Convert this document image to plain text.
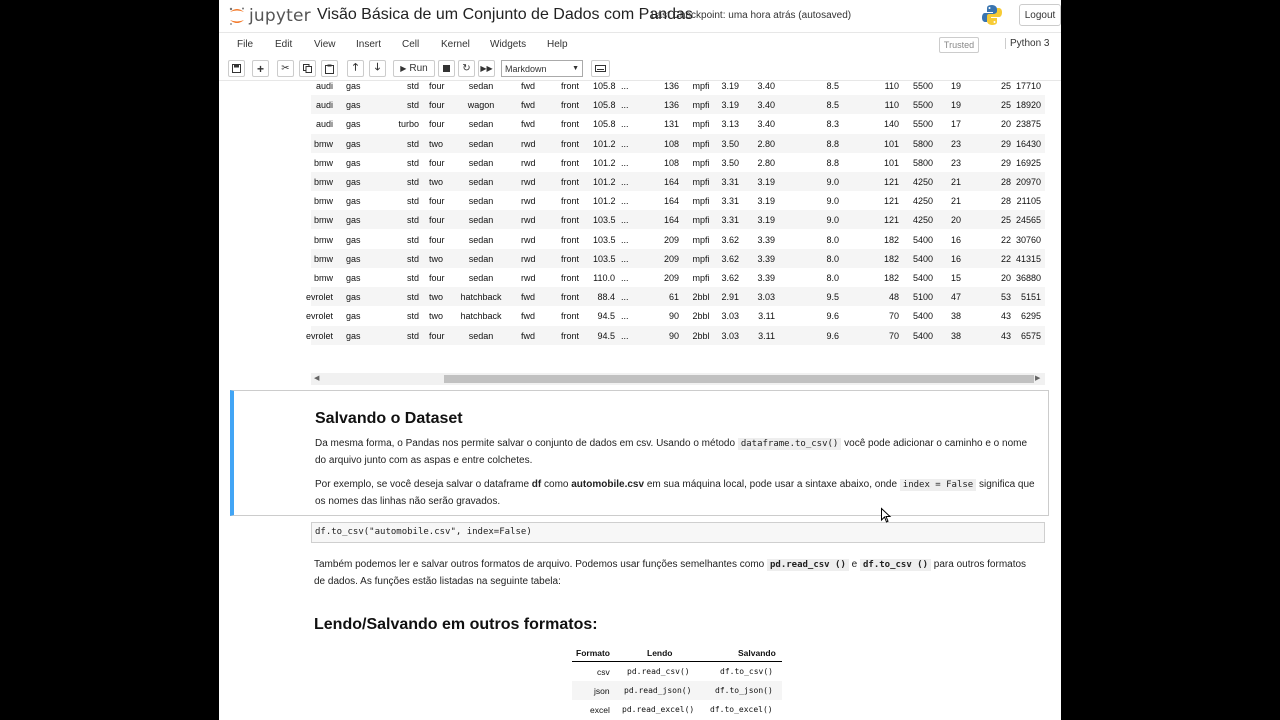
jupyter Visão Básica de um Conjunto de Dados com Pandas
Last Checkpoint: uma hora atrás (autosaved)	Logout
File Edit View Insert Cell Kernel Widgets Help	Trusted	Python 3
+ ✂	🡑 🡓	▶ Run	↻ ▶▶ Markdown	▼
audi gas	std four	sedan	fwd	front	105.8 ...	136 mpfi 3.19 3.40	8.5	110	5500	19	25 17710
audi gas	std four	wagon	fwd	front	105.8 ...	136 mpfi 3.19 3.40	8.5	110	5500	19	25 18920
audi gas	turbo four	sedan	fwd	front	105.8 ...	131 mpfi 3.13 3.40	8.3	140	5500	17	20 23875
bmw gas	std two	sedan	rwd	front	101.2 ...	108 mpfi 3.50 2.80	8.8	101	5800	23	29 16430
bmw gas	std four	sedan	rwd	front	101.2 ...	108 mpfi 3.50 2.80	8.8	101	5800	23	29 16925
bmw gas	std two	sedan	rwd	front	101.2 ...	164 mpfi 3.31 3.19	9.0	121	4250	21	28 20970
bmw gas	std four	sedan	rwd	front	101.2 ...	164 mpfi 3.31 3.19	9.0	121	4250	21	28 21105
bmw gas	std four	sedan	rwd	front	103.5 ...	164 mpfi 3.31 3.19	9.0	121	4250	20	25 24565
bmw gas	std four	sedan	rwd	front	103.5 ...	209 mpfi 3.62 3.39	8.0	182	5400	16	22 30760
bmw gas	std two	sedan	rwd	front	103.5 ...	209 mpfi 3.62 3.39	8.0	182	5400	16	22 41315
bmw gas	std four	sedan	rwd	front	110.0 ...	209 mpfi 3.62 3.39	8.0	182	5400	15	20 36880
evrolet gas	std two	hatchback	fwd	front	88.4 ...	61 2bbl 2.91 3.03	9.5	48	5100	47	53	5151
evrolet gas	std two	hatchback	fwd	front	94.5 ...	90 2bbl 3.03	3.11	9.6	70	5400	38	43	6295
evrolet gas	std four	sedan	fwd	front	94.5 ...	90 2bbl 3.03	3.11	9.6	70	5400	38	43	6575
◀	▶
Salvando o Dataset
Da mesma forma, o Pandas nos permite salvar o conjunto de dados em csv. Usando o método dataframe.to_csv() você pode adicionar o caminho e o nome do arquivo junto com as aspas e entre colchetes.
Por exemplo, se você deseja salvar o dataframe df como automobile.csv em sua máquina local, pode usar a sintaxe abaixo, onde index = False significa que os nomes das linhas não serão gravados.
df.to_csv("automobile.csv", index=False)
Também podemos ler e salvar outros formatos de arquivo. Podemos usar funções semelhantes como pd.read_csv () e df.to_csv () para outros formatos de dados. As funções estão listadas na seguinte tabela:
Lendo/Salvando em outros formatos:
Formato	Lendo	Salvando
csv pd.read_csv()	df.to_csv()
json pd.read_json()	df.to_json()
excel pd.read_excel() df.to_excel()
